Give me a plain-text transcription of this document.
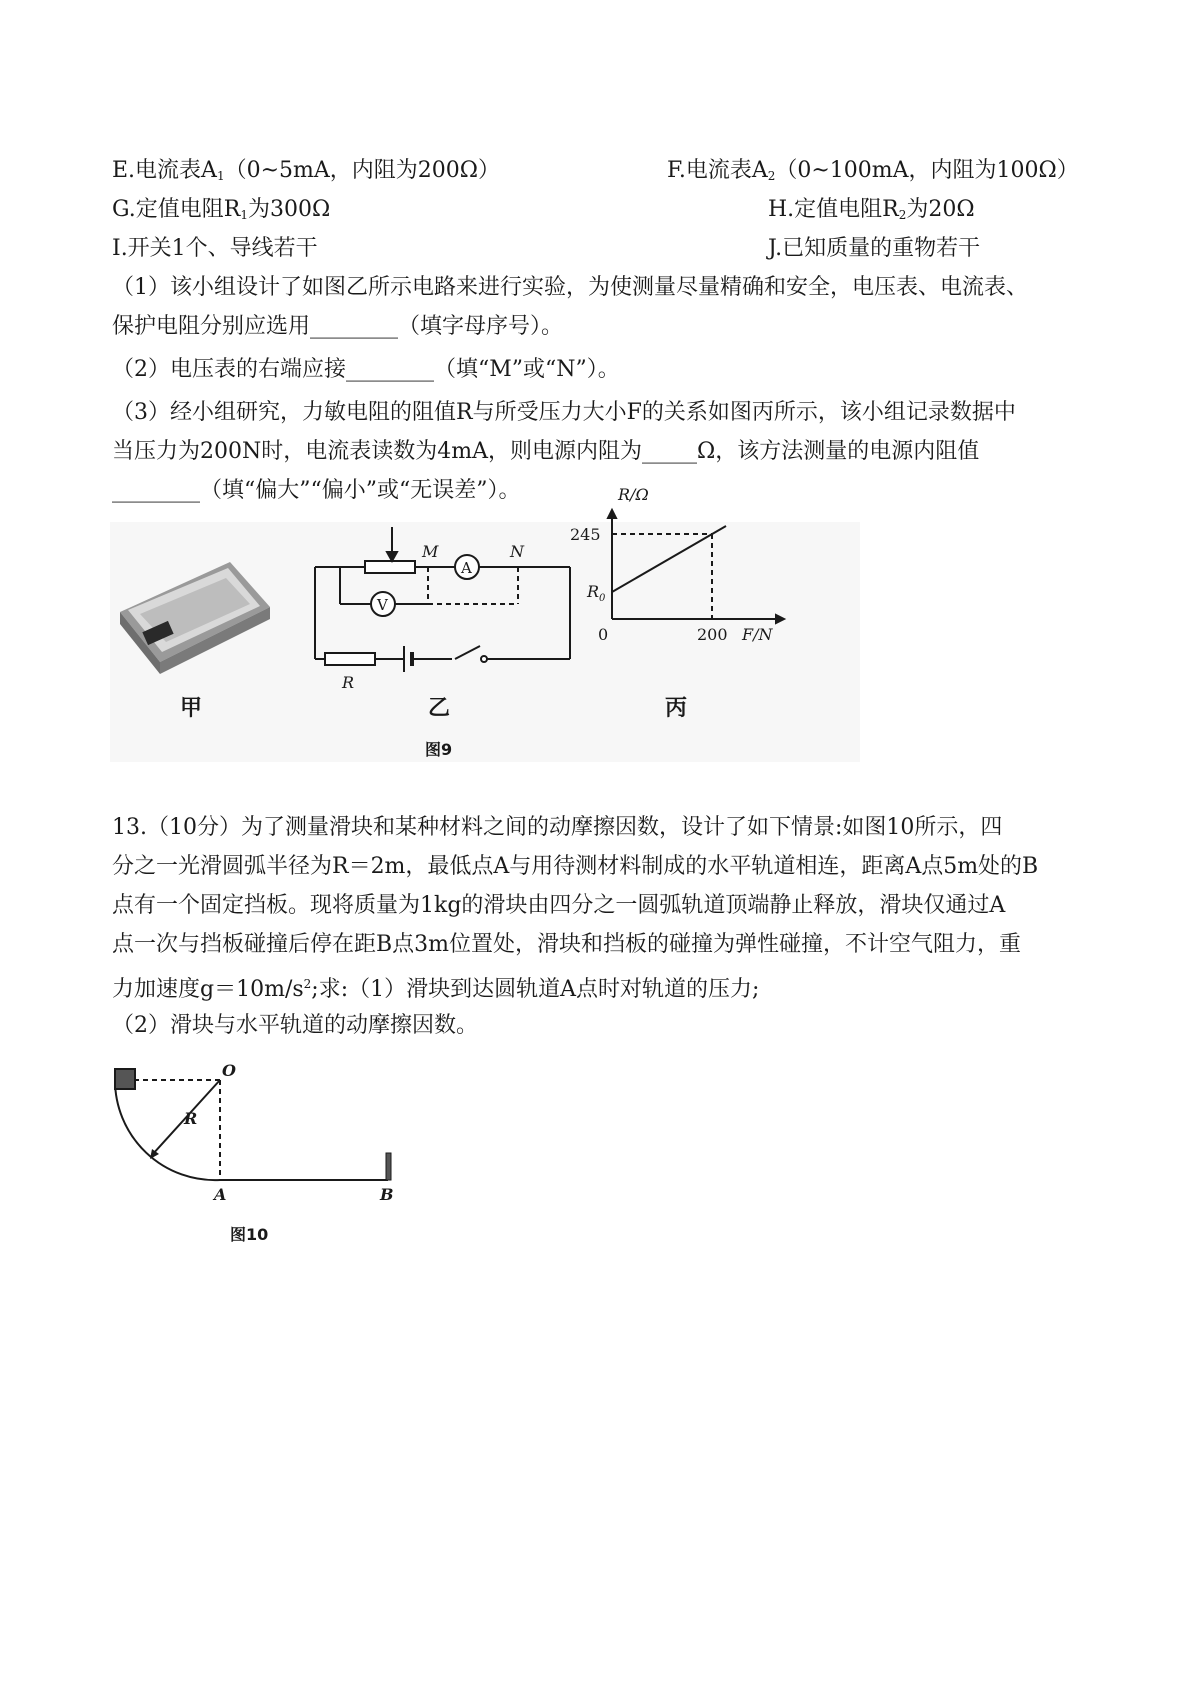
E.电流表$A_1(0\sim 5mA$，内阻为200Ω）	F.电流表$A_2(0\sim 100mA$，内阻为100Ω）
G.定值电阻$R_1$为300Ω	H.定值电阻$R_2$为20Ω
I.开关1个、导线若干	J.已知质量的重物若干
（1）该小组设计了如图乙所示电路来进行实验，为使测量尽量精确和安全，电压表、电流表、
保护电阻分别应选用________（填字母序号）。
（2）电压表的右端应接________（填“M”或“N”）。
（3）经小组研究，力敏电阻的阻值R与所受压力大小F的关系如图丙所示，该小组记录数据中
当压力为200N时，电流表读数为4mA，则电源内阻为_____Ω，该方法测量的电源内阻值
________（填“偏大”“偏小”或“无误差”）。
甲
M	N
A
V
R
乙
R/Ω
245
$R_0$
0	200 F/N
丙
图9
13.（10分）为了测量滑块和某种材料之间的动摩擦因数，设计了如下情景:如图10所示，四
分之一光滑圆弧半径为R＝2m，最低点A与用待测材料制成的水平轨道相连，距离A点5m处的B
点有一个固定挡板。现将质量为1kg的滑块由四分之一圆弧轨道顶端静止释放，滑块仅通过A
点一次与挡板碰撞后停在距B点3m位置处，滑块和挡板的碰撞为弹性碰撞，不计空气阻力，重
力加速度$g=10m/s^2$;求:（1）滑块到达圆轨道A点时对轨道的压力;
（2）滑块与水平轨道的动摩擦因数。
O
R
A	B
图10
